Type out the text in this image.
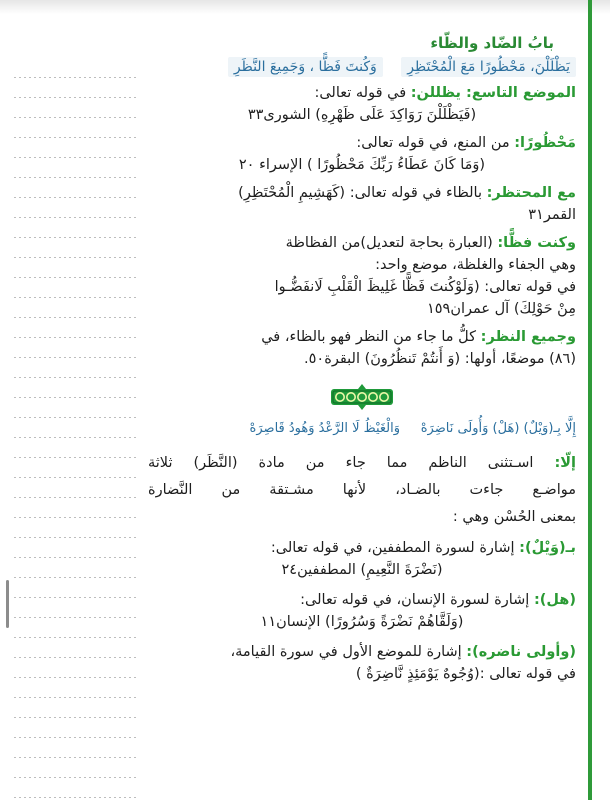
بابُ الضّاد والظّاء

يَظْلَلْنَ، مَحْظُورًا مَعَ الْمُحْتَظِرِ    وَكُنتَ فَظًّا ، وَجَمِيعَ النَّظَرِ

الموضع التاسع: يظللن: في قوله تعالى:

(فَيَظْلَلْنَ رَوَاكِدَ عَلَى ظَهْرِهِ) الشورى٣٣

مَحْظُورًا: من المنع، في قوله تعالى:

(وَمَا كَانَ عَطَاءُ رَبِّكَ مَحْظُورًا ) الإسراء ٢٠

مع المحتظر: بالظاء في قوله تعالى: (كَهَشِيمِ الْمُحْتَظِرِ)

القمر٣١

وكنت فظًّا: (العبارة بحاجة لتعديل)من الفظاظة

وهي الجفاء والغلظة، موضع واحد:

في قوله تعالى: (وَلَوْكُنتَ فَظًّا غَلِيظَ الْقَلْبِ لَانفَضُّـوا

مِنْ حَوْلِكَ) آل عمران١٥٩

وجميع النظر: كلُّ ما جاء من النظر فهو بالظاء، في

(٨٦) موضعًا، أولها: (وَ أَنتُمْ تَنظُرُونَ) البقرة٥٠.

إِلَّا بِـ(وَيْلٌ) (هَلْ) وَأُولَى نَاضِرَهْ     وَالْغَيْظُ لَا الرَّعْدُ وَهُودُ قَاصِرَهْ

إلّا: اسـتثنى الناظم مما جاء من مادة (النَّظَر) ثلاثة

مواضـع جاءت بالضـاد، لأنها مشـتقة من النَّضارة

بمعنى الحُسْن وهي :

بـ(وَيْلٌ): إشارة لسورة المطففين، في قوله تعالى:

(نَضْرَةَ النَّعِيمِ) المطففين٢٤

(هل): إشارة لسورة الإنسان، في قوله تعالى:

(وَلَقَّاهُمْ نَضْرَةً وَسُرُورًا) الإنسان١١

(وأولى ناضره): إشارة للموضع الأول في سورة القيامة،

في قوله تعالى :(وُجُوهٌ يَوْمَئِذٍ نَّاضِرَةٌ )
